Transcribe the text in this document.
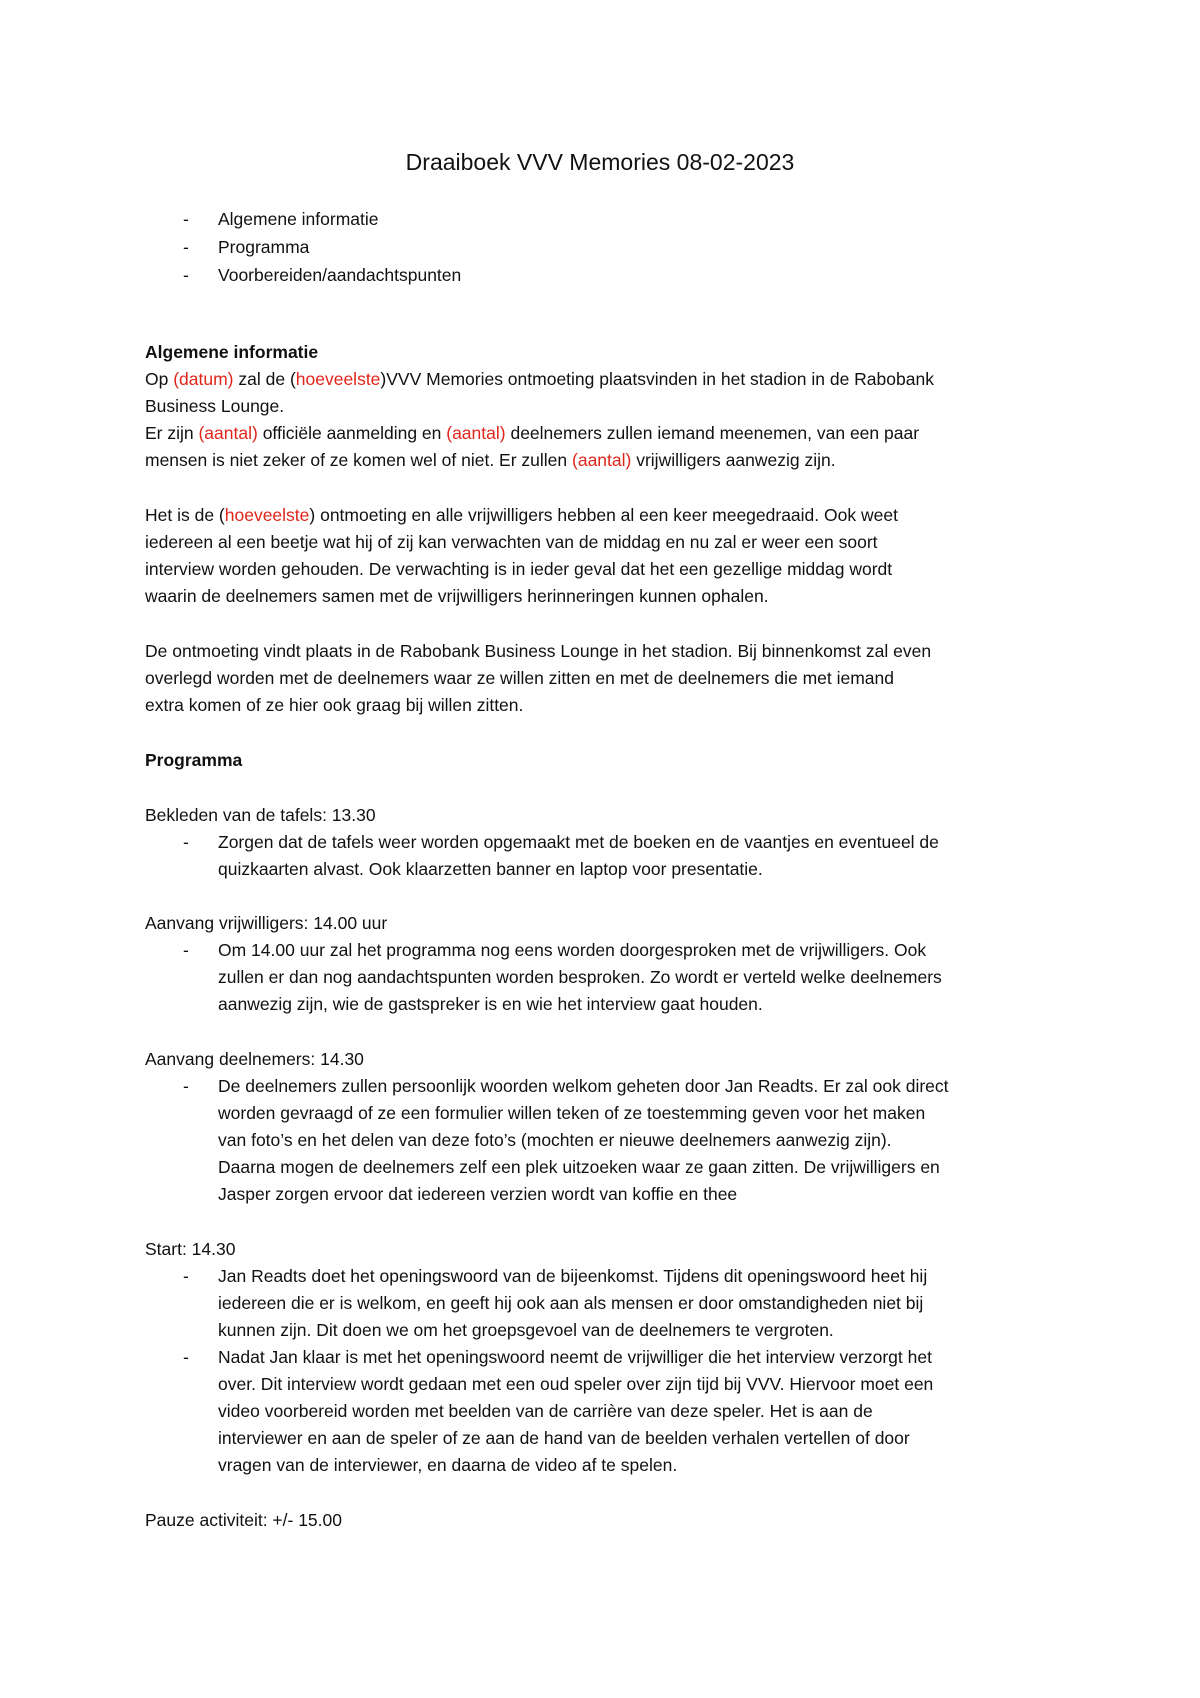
Draaiboek VVV Memories 08-02-2023
- Algemene informatie
- Programma
- Voorbereiden/aandachtspunten
Algemene informatie
Op (datum) zal de (hoeveelste)VVV Memories ontmoeting plaatsvinden in het stadion in de Rabobank
Business Lounge.
Er zijn (aantal) officiële aanmelding en (aantal) deelnemers zullen iemand meenemen, van een paar
mensen is niet zeker of ze komen wel of niet. Er zullen (aantal) vrijwilligers aanwezig zijn.
Het is de (hoeveelste) ontmoeting en alle vrijwilligers hebben al een keer meegedraaid. Ook weet
iedereen al een beetje wat hij of zij kan verwachten van de middag en nu zal er weer een soort
interview worden gehouden. De verwachting is in ieder geval dat het een gezellige middag wordt
waarin de deelnemers samen met de vrijwilligers herinneringen kunnen ophalen.
De ontmoeting vindt plaats in de Rabobank Business Lounge in het stadion. Bij binnenkomst zal even
overlegd worden met de deelnemers waar ze willen zitten en met de deelnemers die met iemand
extra komen of ze hier ook graag bij willen zitten.
Programma
Bekleden van de tafels: 13.30
- Zorgen dat de tafels weer worden opgemaakt met de boeken en de vaantjes en eventueel de
quizkaarten alvast. Ook klaarzetten banner en laptop voor presentatie.
Aanvang vrijwilligers: 14.00 uur
- Om 14.00 uur zal het programma nog eens worden doorgesproken met de vrijwilligers. Ook
zullen er dan nog aandachtspunten worden besproken. Zo wordt er verteld welke deelnemers
aanwezig zijn, wie de gastspreker is en wie het interview gaat houden.
Aanvang deelnemers: 14.30
- De deelnemers zullen persoonlijk woorden welkom geheten door Jan Readts. Er zal ook direct
worden gevraagd of ze een formulier willen teken of ze toestemming geven voor het maken
van foto’s en het delen van deze foto’s (mochten er nieuwe deelnemers aanwezig zijn).
Daarna mogen de deelnemers zelf een plek uitzoeken waar ze gaan zitten. De vrijwilligers en
Jasper zorgen ervoor dat iedereen verzien wordt van koffie en thee
Start: 14.30
- Jan Readts doet het openingswoord van de bijeenkomst. Tijdens dit openingswoord heet hij
iedereen die er is welkom, en geeft hij ook aan als mensen er door omstandigheden niet bij
kunnen zijn. Dit doen we om het groepsgevoel van de deelnemers te vergroten.
- Nadat Jan klaar is met het openingswoord neemt de vrijwilliger die het interview verzorgt het
over. Dit interview wordt gedaan met een oud speler over zijn tijd bij VVV. Hiervoor moet een
video voorbereid worden met beelden van de carrière van deze speler. Het is aan de
interviewer en aan de speler of ze aan de hand van de beelden verhalen vertellen of door
vragen van de interviewer, en daarna de video af te spelen.
Pauze activiteit: +/- 15.00
